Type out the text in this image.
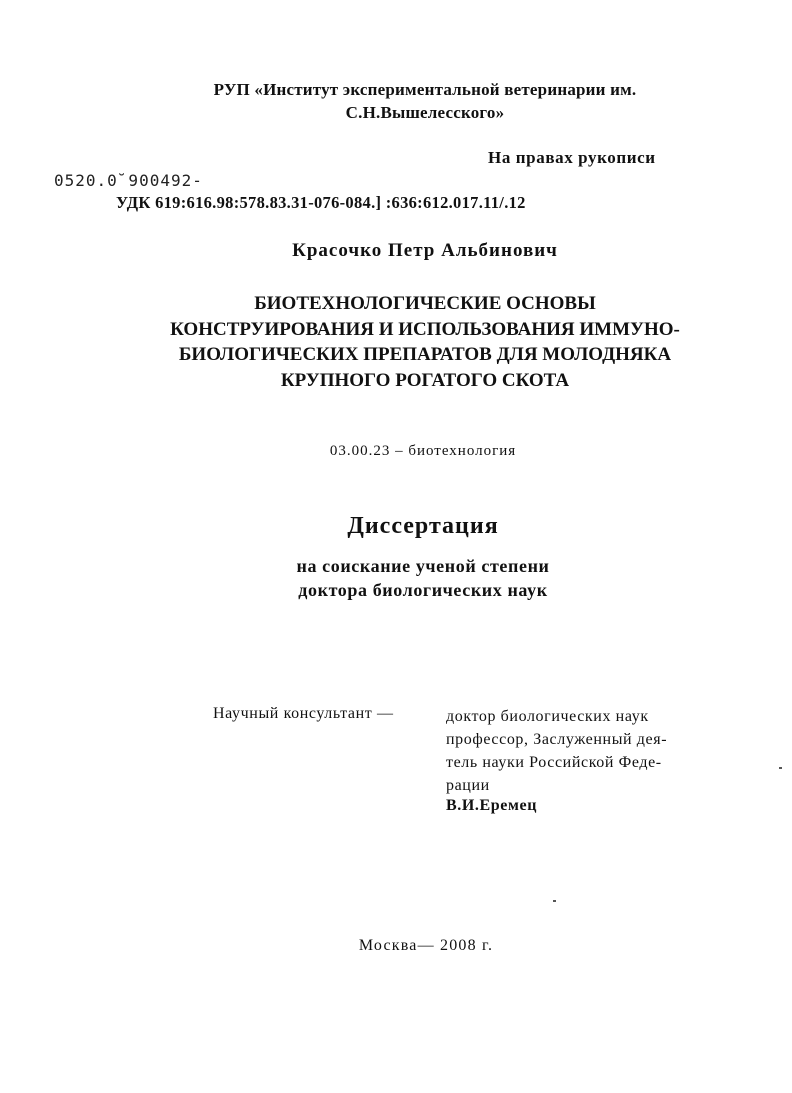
РУП «Институт экспериментальной ветеринарии им.
С.Н.Вышелесского»
На правах рукописи
0520.0̆ 900492-
УДК 619:616.98:578.83.31-076-084.] :636:612.017.11/.12
Красочко Петр Альбинович
БИОТЕХНОЛОГИЧЕСКИЕ ОСНОВЫ
КОНСТРУИРОВАНИЯ И ИСПОЛЬЗОВАНИЯ ИММУНО-
БИОЛОГИЧЕСКИХ ПРЕПАРАТОВ ДЛЯ МОЛОДНЯКА
КРУПНОГО РОГАТОГО СКОТА
03.00.23 – биотехнология
Диссертация
на соискание ученой степени
доктора биологических наук
Научный консультант —	доктор биологических наук
профессор, Заслуженный дея-
тель науки Российской Феде-
рации
В.И.Еремец
Москва— 2008 г.
